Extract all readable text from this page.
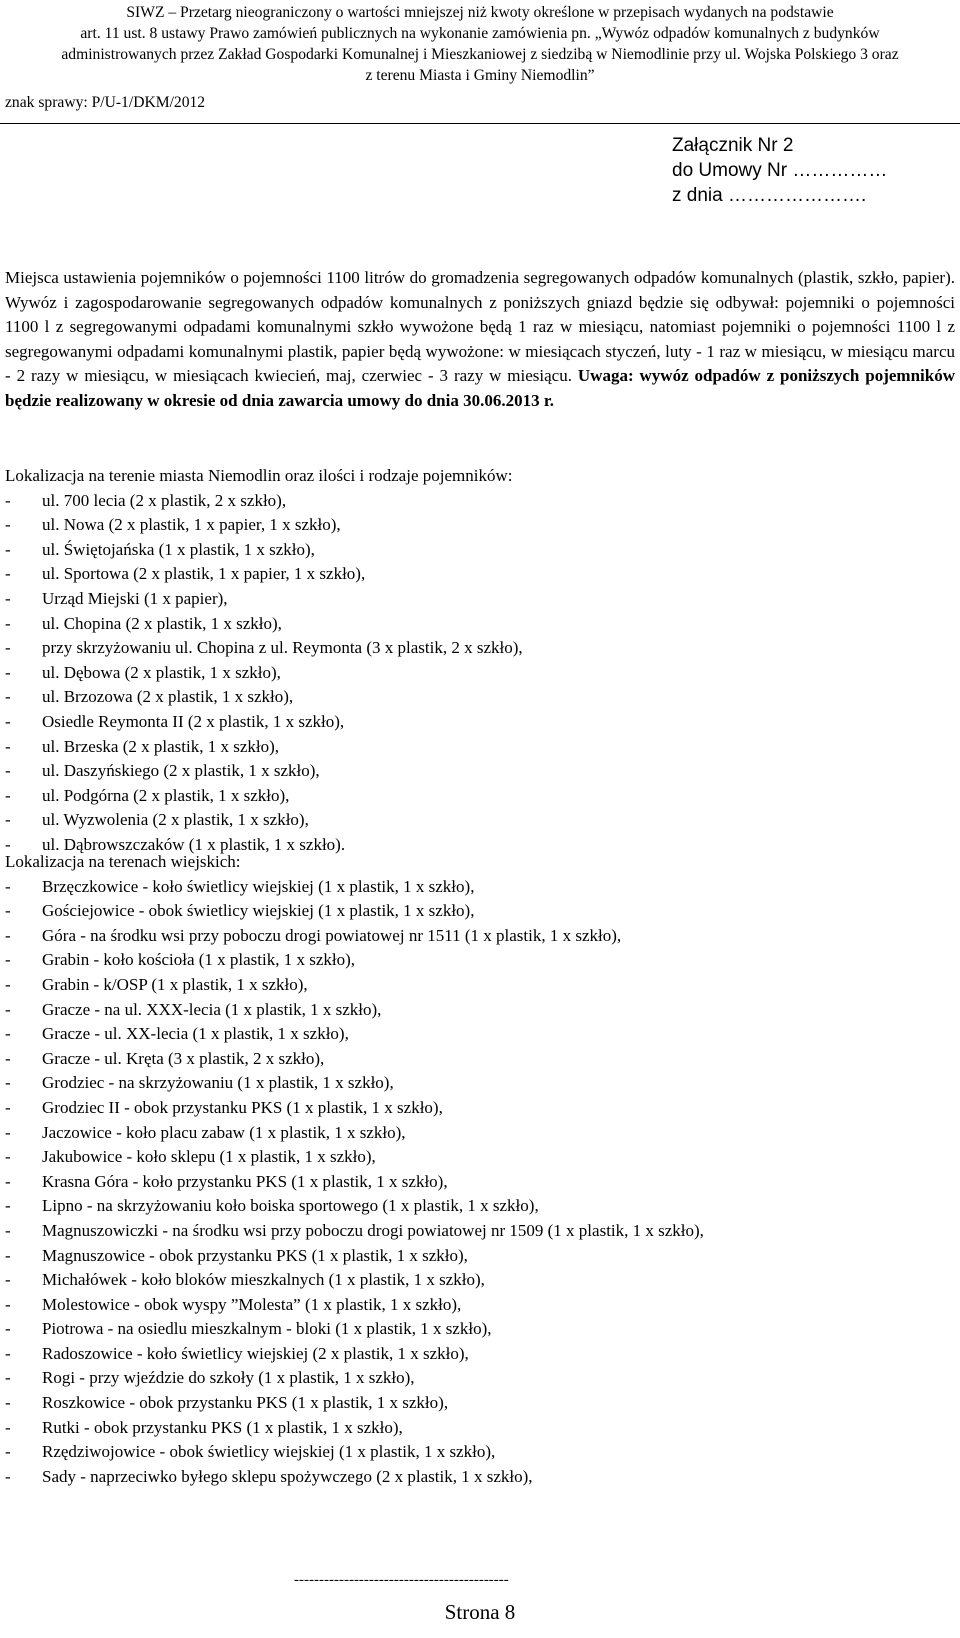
SIWZ – Przetarg nieograniczony o wartości mniejszej niż kwoty określone w przepisach wydanych na podstawie
art. 11 ust. 8 ustawy Prawo zamówień publicznych na wykonanie zamówienia pn. „Wywóz odpadów komunalnych z budynków
administrowanych przez Zakład Gospodarki Komunalnej i Mieszkaniowej z siedzibą w Niemodlinie przy ul. Wojska Polskiego 3 oraz
z terenu Miasta i Gminy Niemodlin”
znak sprawy: P/U-1/DKM/2012
Załącznik Nr 2
do Umowy Nr ……………
z dnia ………………….
Miejsca ustawienia pojemników o pojemności 1100 litrów do gromadzenia segregowanych odpadów komunalnych (plastik, szkło, papier). Wywóz i zagospodarowanie segregowanych odpadów komunalnych z poniższych gniazd będzie się odbywał: pojemniki o pojemności 1100 l z segregowanymi odpadami komunalnymi szkło wywożone będą 1 raz w miesiącu, natomiast pojemniki o pojemności 1100 l z segregowanymi odpadami komunalnymi plastik, papier będą wywożone: w miesiącach styczeń, luty - 1 raz w miesiącu, w miesiącu marcu - 2 razy w miesiącu, w miesiącach kwiecień, maj, czerwiec - 3 razy w miesiącu. Uwaga: wywóz odpadów z poniższych pojemników będzie realizowany w okresie od dnia zawarcia umowy do dnia 30.06.2013 r.
Lokalizacja na terenie miasta Niemodlin oraz ilości i rodzaje pojemników:
- ul. 700 lecia (2 x plastik, 2 x szkło),
- ul. Nowa (2 x plastik, 1 x papier, 1 x szkło),
- ul. Świętojańska (1 x plastik, 1 x szkło),
- ul. Sportowa (2 x plastik, 1 x papier, 1 x szkło),
- Urząd Miejski (1 x papier),
- ul. Chopina (2 x plastik, 1 x szkło),
- przy skrzyżowaniu ul. Chopina z ul. Reymonta (3 x plastik, 2 x szkło),
- ul. Dębowa (2 x plastik, 1 x szkło),
- ul. Brzozowa (2 x plastik, 1 x szkło),
- Osiedle Reymonta II (2 x plastik, 1 x szkło),
- ul. Brzeska (2 x plastik, 1 x szkło),
- ul. Daszyńskiego (2 x plastik, 1 x szkło),
- ul. Podgórna (2 x plastik, 1 x szkło),
- ul. Wyzwolenia (2 x plastik, 1 x szkło),
- ul. Dąbrowszczaków (1 x plastik, 1 x szkło).
Lokalizacja na terenach wiejskich:
- Brzęczkowice - koło świetlicy wiejskiej (1 x plastik, 1 x szkło),
- Gościejowice - obok świetlicy wiejskiej (1 x plastik, 1 x szkło),
- Góra - na środku wsi przy poboczu drogi powiatowej nr 1511 (1 x plastik, 1 x szkło),
- Grabin - koło kościoła (1 x plastik, 1 x szkło),
- Grabin - k/OSP (1 x plastik, 1 x szkło),
- Gracze - na ul. XXX-lecia (1 x plastik, 1 x szkło),
- Gracze - ul. XX-lecia (1 x plastik, 1 x szkło),
- Gracze - ul. Kręta (3 x plastik, 2 x szkło),
- Grodziec - na skrzyżowaniu (1 x plastik, 1 x szkło),
- Grodziec II - obok przystanku PKS (1 x plastik, 1 x szkło),
- Jaczowice - koło placu zabaw (1 x plastik, 1 x szkło),
- Jakubowice - koło sklepu (1 x plastik, 1 x szkło),
- Krasna Góra - koło przystanku PKS (1 x plastik, 1 x szkło),
- Lipno - na skrzyżowaniu koło boiska sportowego (1 x plastik, 1 x szkło),
- Magnuszowiczki - na środku wsi przy poboczu drogi powiatowej nr 1509 (1 x plastik, 1 x szkło),
- Magnuszowice - obok przystanku PKS (1 x plastik, 1 x szkło),
- Michałówek - koło bloków mieszkalnych (1 x plastik, 1 x szkło),
- Molestowice - obok wyspy ”Molesta” (1 x plastik, 1 x szkło),
- Piotrowa - na osiedlu mieszkalnym - bloki (1 x plastik, 1 x szkło),
- Radoszowice - koło świetlicy wiejskiej (2 x plastik, 1 x szkło),
- Rogi - przy wjeździe do szkoły (1 x plastik, 1 x szkło),
- Roszkowice - obok przystanku PKS (1 x plastik, 1 x szkło),
- Rutki - obok przystanku PKS (1 x plastik, 1 x szkło),
- Rzędziwojowice - obok świetlicy wiejskiej (1 x plastik, 1 x szkło),
- Sady - naprzeciwko byłego sklepu spożywczego (2 x plastik, 1 x szkło),
-------------------------------------------
Strona 8
